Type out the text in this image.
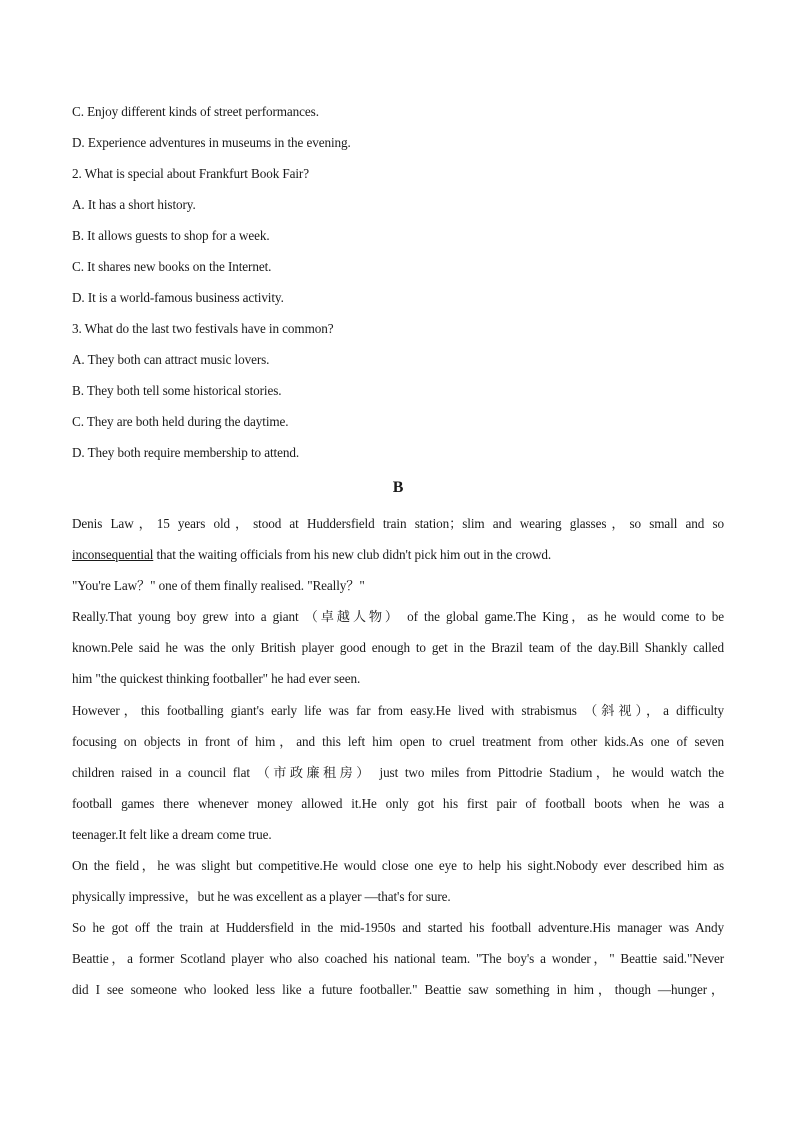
C. Enjoy different kinds of street performances.

D. Experience adventures in museums in the evening.

2. What is special about Frankfurt Book Fair?

A. It has a short history.

B. It allows guests to shop for a week.

C. It shares new books on the Internet.

D. It is a world-famous business activity.

3. What do the last two festivals have in common?

A. They both can attract music lovers.

B. They both tell some historical stories.

C. They are both held during the daytime.

D. They both require membership to attend.

B

Denis Law，15 years old，stood at Huddersfield train station；slim and wearing glasses，so small and so

inconsequential that the waiting officials from his new club didn't pick him out in the crowd.

"You're Law？" one of them finally realised. "Really？"

Really.That young boy grew into a giant （卓越人物） of the global game.The King，as he would come to be

known.Pele said he was the only British player good enough to get in the Brazil team of the day.Bill Shankly called

him "the quickest thinking footballer" he had ever seen.

However，this footballing giant's early life was far from easy.He lived with strabismus （斜视），a difficulty

focusing on objects in front of him，and this left him open to cruel treatment from other kids.As one of seven

children raised in a council flat （市政廉租房） just two miles from Pittodrie Stadium，he would watch the

football games there whenever money allowed it.He only got his first pair of football boots when he was a

teenager.It felt like a dream come true.

On the field，he was slight but competitive.He would close one eye to help his sight.Nobody ever described him as

physically impressive，but he was excellent as a player —that's for sure.

So he got off the train at Huddersfield in the mid-1950s and started his football adventure.His manager was Andy

Beattie，a former Scotland player who also coached his national team. "The boy's a wonder，" Beattie said."Never

did I see someone who looked less like a future footballer." Beattie saw something in him，though —hunger，
